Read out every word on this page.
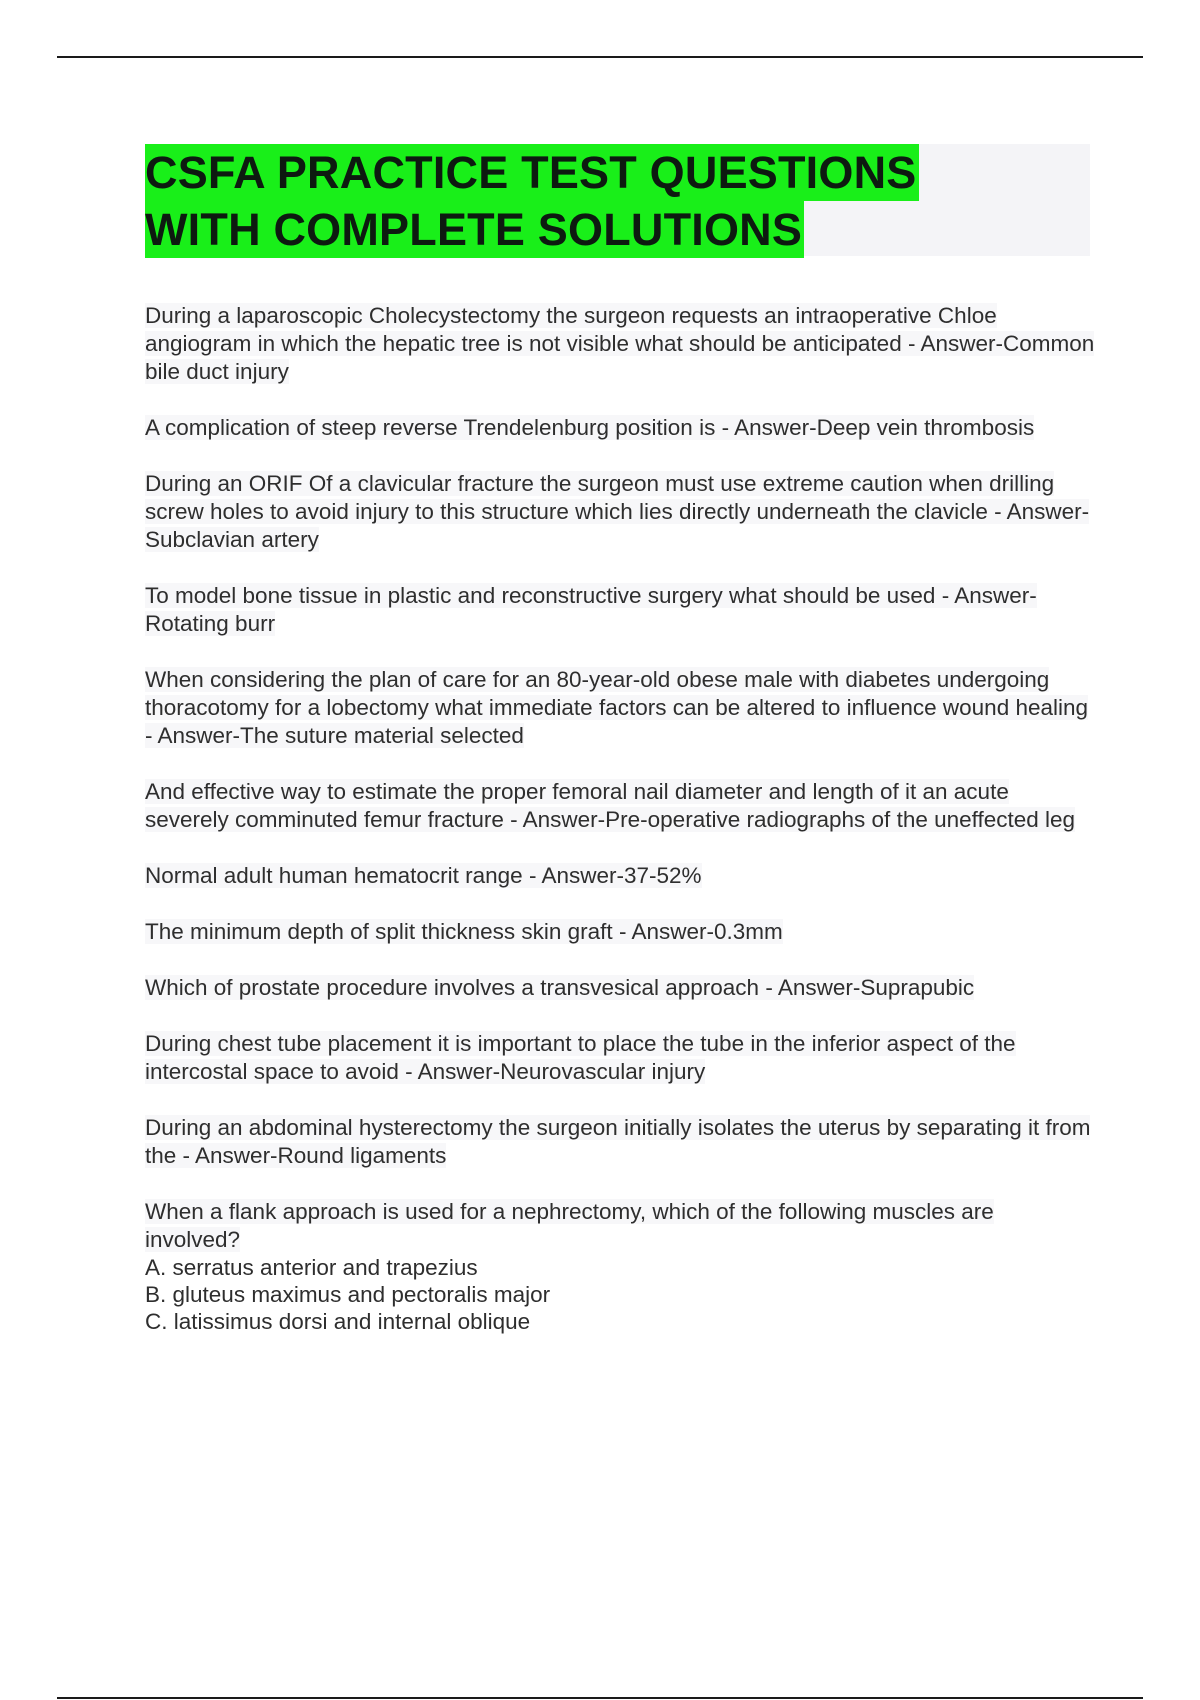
CSFA PRACTICE TEST QUESTIONS
WITH COMPLETE SOLUTIONS
During a laparoscopic Cholecystectomy the surgeon requests an intraoperative Chloe angiogram in which the hepatic tree is not visible what should be anticipated - Answer-Common bile duct injury
A complication of steep reverse Trendelenburg position is - Answer-Deep vein thrombosis
During an ORIF Of a clavicular fracture the surgeon must use extreme caution when drilling screw holes to avoid injury to this structure which lies directly underneath the clavicle - Answer-Subclavian artery
To model bone tissue in plastic and reconstructive surgery what should be used - Answer-Rotating burr
When considering the plan of care for an 80-year-old obese male with diabetes undergoing thoracotomy for a lobectomy what immediate factors can be altered to influence wound healing - Answer-The suture material selected
And effective way to estimate the proper femoral nail diameter and length of it an acute severely comminuted femur fracture - Answer-Pre-operative radiographs of the uneffected leg
Normal adult human hematocrit range - Answer-37-52%
The minimum depth of split thickness skin graft - Answer-0.3mm
Which of prostate procedure involves a transvesical approach - Answer-Suprapubic
During chest tube placement it is important to place the tube in the inferior aspect of the intercostal space to avoid - Answer-Neurovascular injury
During an abdominal hysterectomy the surgeon initially isolates the uterus by separating it from the - Answer-Round ligaments
When a flank approach is used for a nephrectomy, which of the following muscles are involved?
A. serratus anterior and trapezius
B. gluteus maximus and pectoralis major
C. latissimus dorsi and internal oblique
